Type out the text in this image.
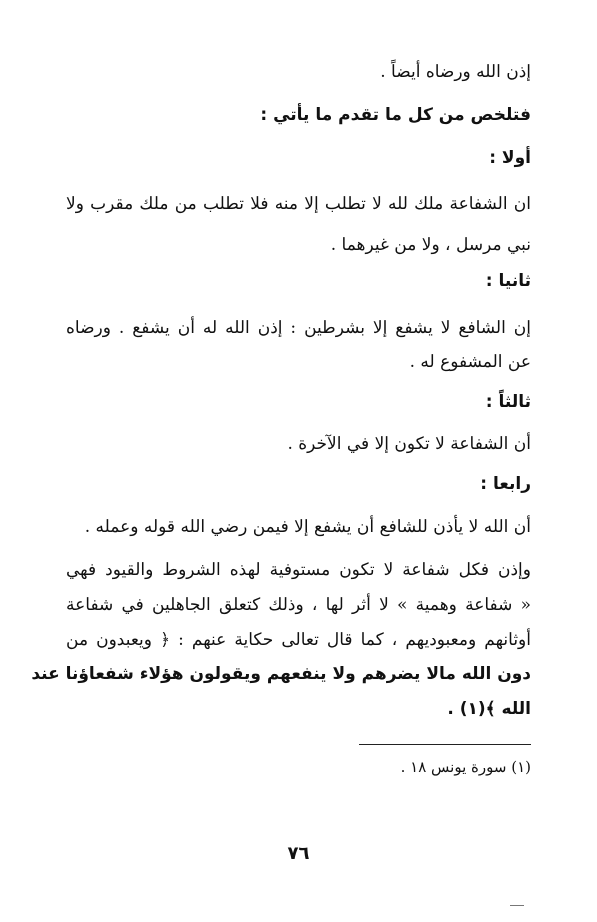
إذن الله ورضاه أيضاً .
فتلخص من كل ما تقدم ما يأتي :
أولا :
ان الشفاعة ملك لله لا تطلب إلا منه فلا تطلب من ملك مقرب ولا
نبي مرسل ، ولا من غيرهما .
ثانيا :
إن الشافع لا يشفع إلا بشرطين : إذن الله له أن يشفع . ورضاه
عن المشفوع له .
ثالثاً :
أن الشفاعة لا تكون إلا في الآخرة .
رابعا :
أن الله لا يأذن للشافع أن يشفع إلا فيمن رضي الله قوله وعمله .
وإذن فكل شفاعة لا تكون مستوفية لهذه الشروط والقيود فهي
« شفاعة وهمية » لا أثر لها ، وذلك كتعلق الجاهلين في شفاعة
أوثانهم ومعبوديهم ، كما قال تعالى حكاية عنهم : ﴿ ويعبدون من
دون الله مالا يضرهم ولا ينفعهم ويقولون هؤلاء شفعاؤنا عند
الله ﴾(١) .
(١) سورة يونس ١٨ .
٧٦
